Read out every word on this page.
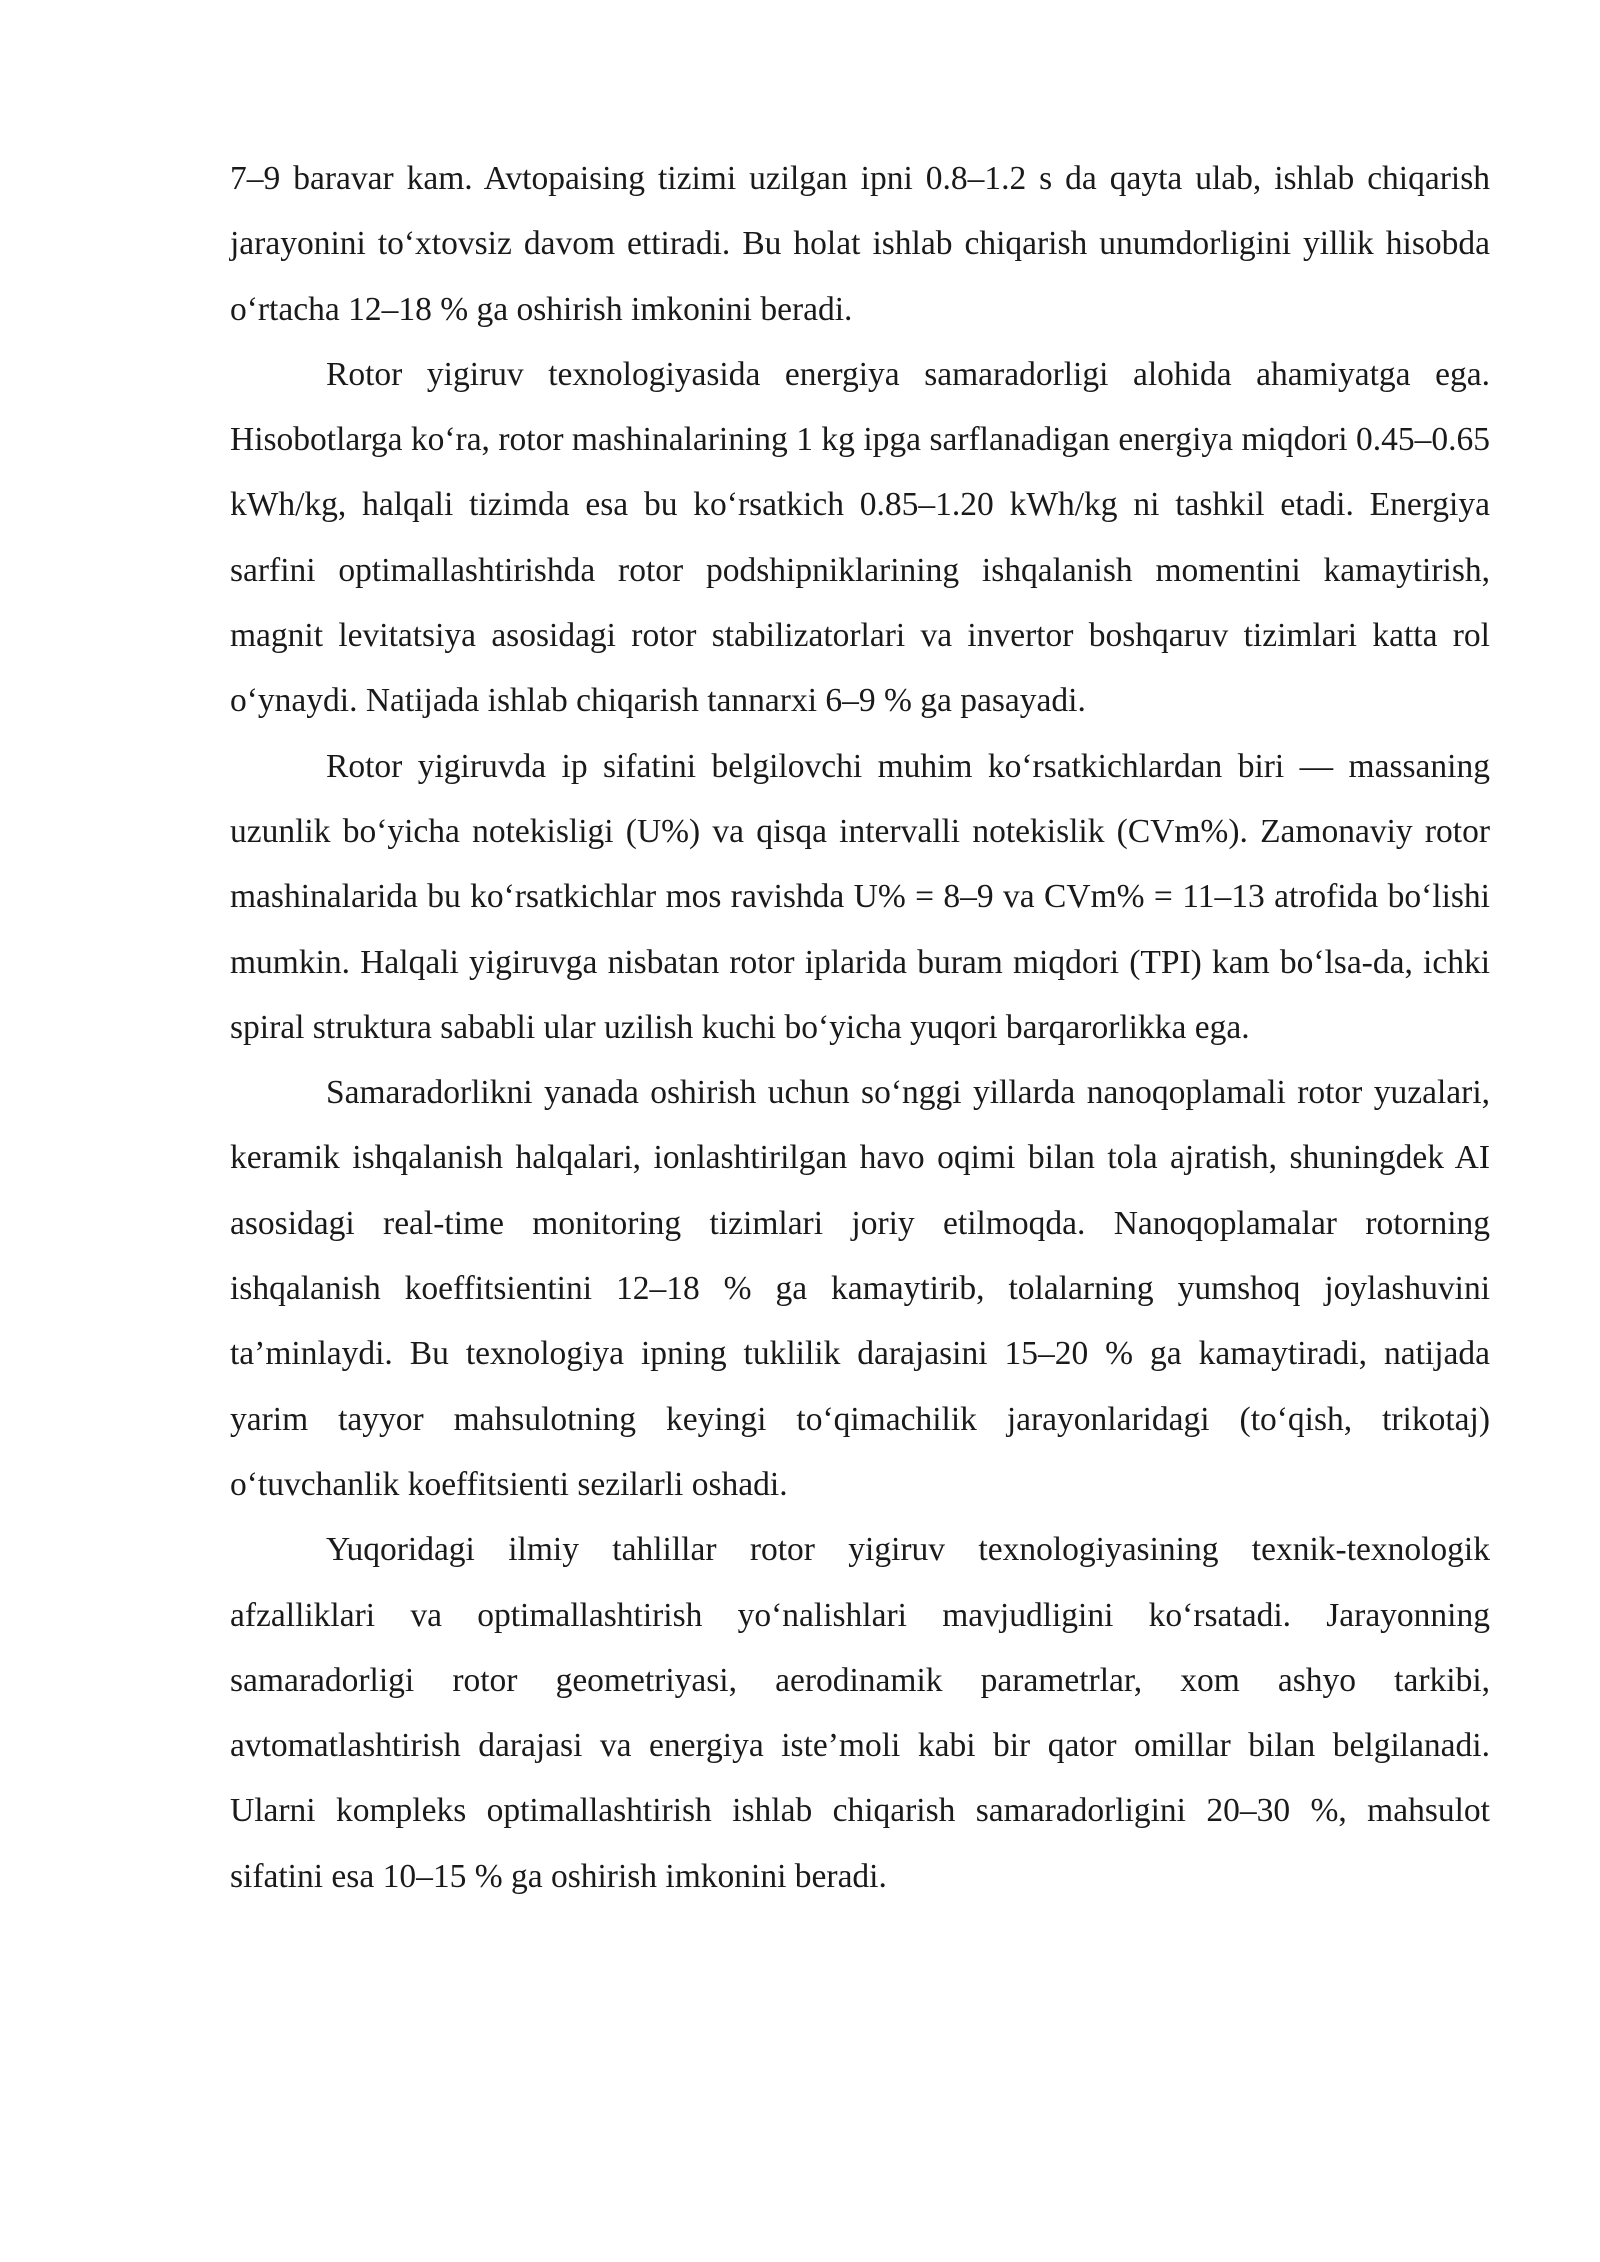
7–9 baravar kam. Avtopaising tizimi uzilgan ipni 0.8–1.2 s da qayta ulab, ishlab chiqarish jarayonini to‘xtovsiz davom ettiradi. Bu holat ishlab chiqarish unumdorligini yillik hisobda o‘rtacha 12–18 % ga oshirish imkonini beradi.

Rotor yigiruv texnologiyasida energiya samaradorligi alohida ahamiyatga ega. Hisobotlarga ko‘ra, rotor mashinalarining 1 kg ipga sarflanadigan energiya miqdori 0.45–0.65 kWh/kg, halqali tizimda esa bu ko‘rsatkich 0.85–1.20 kWh/kg ni tashkil etadi. Energiya sarfini optimallashtirishda rotor podshipniklarining ishqalanish momentini kamaytirish, magnit levitatsiya asosidagi rotor stabilizatorlari va invertor boshqaruv tizimlari katta rol o‘ynaydi. Natijada ishlab chiqarish tannarxi 6–9 % ga pasayadi.

Rotor yigiruvda ip sifatini belgilovchi muhim ko‘rsatkichlardan biri — massaning uzunlik bo‘yicha notekisligi (U%) va qisqa intervalli notekislik (CVm%). Zamonaviy rotor mashinalarida bu ko‘rsatkichlar mos ravishda U% = 8–9 va CVm% = 11–13 atrofida bo‘lishi mumkin. Halqali yigiruvga nisbatan rotor iplarida buram miqdori (TPI) kam bo‘lsa-da, ichki spiral struktura sababli ular uzilish kuchi bo‘yicha yuqori barqarorlikka ega.

Samaradorlikni yanada oshirish uchun so‘nggi yillarda nanoqoplamali rotor yuzalari, keramik ishqalanish halqalari, ionlashtirilgan havo oqimi bilan tola ajratish, shuningdek AI asosidagi real-time monitoring tizimlari joriy etilmoqda. Nanoqoplamalar rotorning ishqalanish koeffitsientini 12–18 % ga kamaytirib, tolalarning yumshoq joylashuvini ta’minlaydi. Bu texnologiya ipning tuklilik darajasini 15–20 % ga kamaytiradi, natijada yarim tayyor mahsulotning keyingi to‘qimachilik jarayonlaridagi (to‘qish, trikotaj) o‘tuvchanlik koeffitsienti sezilarli oshadi.

Yuqoridagi ilmiy tahlillar rotor yigiruv texnologiyasining texnik-texnologik afzalliklari va optimallashtirish yo‘nalishlari mavjudligini ko‘rsatadi. Jarayonning samaradorligi rotor geometriyasi, aerodinamik parametrlar, xom ashyo tarkibi, avtomatlashtirish darajasi va energiya iste’moli kabi bir qator omillar bilan belgilanadi. Ularni kompleks optimallashtirish ishlab chiqarish samaradorligini 20–30 %, mahsulot sifatini esa 10–15 % ga oshirish imkonini beradi.
